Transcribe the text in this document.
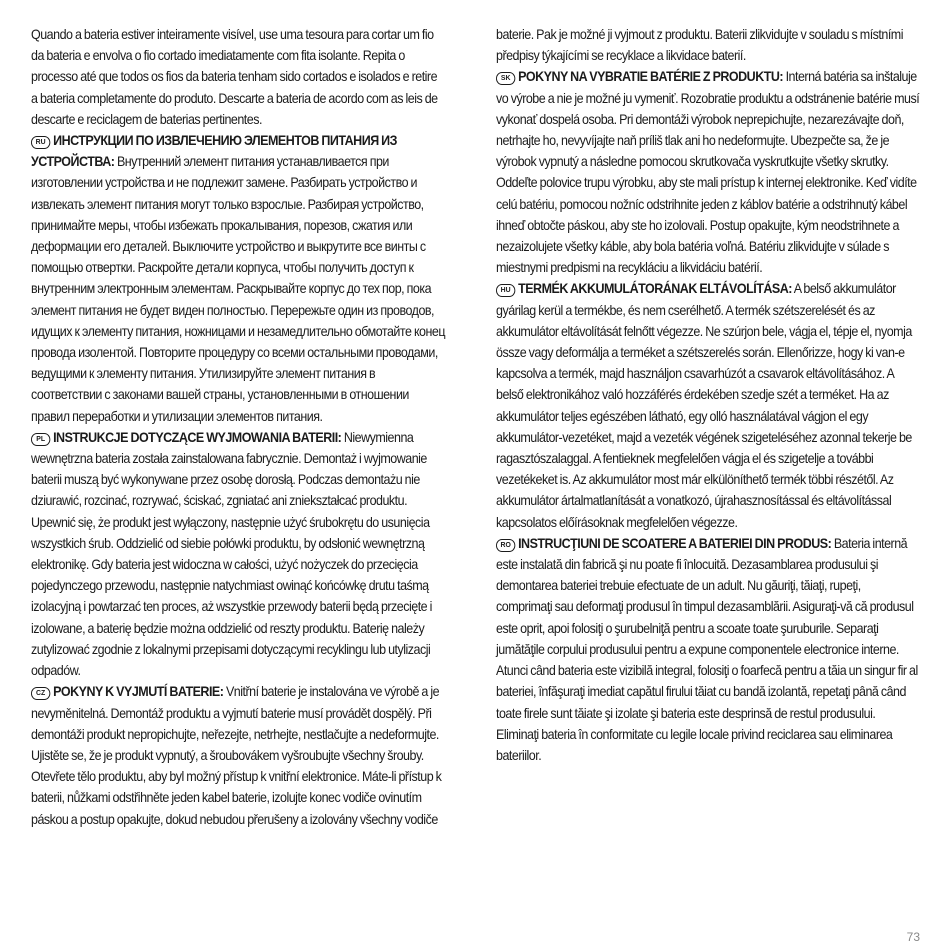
Quando a bateria estiver inteiramente visível, use uma tesoura para cortar um fio da bateria e envolva o fio cortado imediatamente com fita isolante. Repita o processo até que todos os fios da bateria tenham sido cortados e isolados e retire a bateria completamente do produto. Descarte a bateria de acordo com as leis de descarte e reciclagem de baterias pertinentes.

RU ИНСТРУКЦИИ ПО ИЗВЛЕЧЕНИЮ ЭЛЕМЕНТОВ ПИТАНИЯ ИЗ УСТРОЙСТВА: Внутренний элемент питания устанавливается при изготовлении устройства и не подлежит замене. Разбирать устройство и извлекать элемент питания могут только взрослые. Разбирая устройство, принимайте меры, чтобы избежать прокалывания, порезов, сжатия или деформации его деталей. Выключите устройство и выкрутите все винты с помощью отвертки. Раскройте детали корпуса, чтобы получить доступ к внутренним электронным элементам. Раскрывайте корпус до тех пор, пока элемент питания не будет виден полностью. Перережьте один из проводов, идущих к элементу питания, ножницами и незамедлительно обмотайте конец провода изолентой. Повторите процедуру со всеми остальными проводами, ведущими к элементу питания. Утилизируйте элемент питания в соответствии с законами вашей страны, установленными в отношении правил переработки и утилизации элементов питания.

PL INSTRUKCJE DOTYCZĄCE WYJMOWANIA BATERII: Niewymienna wewnętrzna bateria została zainstalowana fabrycznie. Demontaż i wyjmowanie baterii muszą być wykonywane przez osobę dorosłą. Podczas demontażu nie dziurawić, rozcinać, rozrywać, ściskać, zgniatać ani zniekształcać produktu. Upewnić się, że produkt jest wyłączony, następnie użyć śrubokrętu do usunięcia wszystkich śrub. Oddzielić od siebie połówki produktu, by odsłonić wewnętrzną elektronikę. Gdy bateria jest widoczna w całości, użyć nożyczek do przecięcia pojedynczego przewodu, następnie natychmiast owinąć końcówkę drutu taśmą izolacyjną i powtarzać ten proces, aż wszystkie przewody baterii będą przecięte i izolowane, a baterię będzie można oddzielić od reszty produktu. Baterię należy zutylizować zgodnie z lokalnymi przepisami dotyczącymi recyklingu lub utylizacji odpadów.

CZ POKYNY K VYJMUTÍ BATERIE: Vnitřní baterie je instalována ve výrobě a je nevyměnitelná. Demontáž produktu a vyjmutí baterie musí provádět dospělý. Při demontáži produkt nepropichujte, neřezejte, netrhejte, nestlačujte a nedeformujte. Ujistěte se, že je produkt vypnutý, a šroubovákem vyšroubujte všechny šrouby. Otevřete tělo produktu, aby byl možný přístup k vnitřní elektronice. Máte-li přístup k baterii, nůžkami odstřihněte jeden kabel baterie, izolujte konec vodiče ovinutím páskou a postup opakujte, dokud nebudou přerušeny a izolovány všechny vodiče

baterie. Pak je možné ji vyjmout z produktu. Baterii zlikvidujte v souladu s místními předpisy týkajícími se recyklace a likvidace baterií.

SK POKYNY NA VYBRATIE BATÉRIE Z PRODUKTU: Interná batéria sa inštaluje vo výrobe a nie je možné ju vymeniť. Rozobratie produktu a odstránenie batérie musí vykonať dospelá osoba. Pri demontáži výrobok neprepichujte, nezarezávajte doň, netrhajte ho, nevyvíjajte naň príliš tlak ani ho nedeformujte. Ubezpečte sa, že je výrobok vypnutý a následne pomocou skrutkovača vyskrutkujte všetky skrutky. Oddeľte polovice trupu výrobku, aby ste mali prístup k internej elektronike. Keď vidíte celú batériu, pomocou nožníc odstrihnite jeden z káblov batérie a odstrihnutý kábel ihneď obtočte páskou, aby ste ho izolovali. Postup opakujte, kým neodstrihnete a nezaizolujete všetky káble, aby bola batéria voľná. Batériu zlikvidujte v súlade s miestnymi predpismi na recykláciu a likvidáciu batérií.

HU TERMÉK AKKUMULÁTORÁNAK ELTÁVOLÍTÁSA: A belső akkumulátor gyárilag kerül a termékbe, és nem cserélhető. A termék szétszerelését és az akkumulátor eltávolítását felnőtt végezze. Ne szúrjon bele, vágja el, tépje el, nyomja össze vagy deformálja a terméket a szétszerelés során. Ellenőrizze, hogy ki van-e kapcsolva a termék, majd használjon csavarhúzót a csavarok eltávolításához. A belső elektronikához való hozzáférés érdekében szedje szét a terméket. Ha az akkumulátor teljes egészében látható, egy olló használatával vágjon el egy akkumulátor-vezetéket, majd a vezeték végének szigeteléséhez azonnal tekerje be ragasztószalaggal. A fentieknek megfelelően vágja el és szigetelje a további vezetékeket is. Az akkumulátor most már elkülöníthető termék többi részétől. Az akkumulátor ártalmatlanítását a vonatkozó, újrahasznosítással és eltávolítással kapcsolatos előírásoknak megfelelően végezze.

RO INSTRUCŢIUNI DE SCOATERE A BATERIEI DIN PRODUS: Bateria internă este instalată din fabrică şi nu poate fi înlocuită. Dezasamblarea produsului şi demontarea bateriei trebuie efectuate de un adult. Nu găuriţi, tăiaţi, rupeţi, comprimaţi sau deformaţi produsul în timpul dezasamblării. Asiguraţi-vă că produsul este oprit, apoi folosiţi o şurubelniţă pentru a scoate toate şuruburile. Separaţi jumătăţile corpului produsului pentru a expune componentele electronice interne. Atunci când bateria este vizibilă integral, folosiţi o foarfecă pentru a tăia un singur fir al bateriei, înfăşuraţi imediat capătul firului tăiat cu bandă izolantă, repetaţi până când toate firele sunt tăiate şi izolate şi bateria este desprinsă de restul produsului. Eliminaţi bateria în conformitate cu legile locale privind reciclarea sau eliminarea bateriilor.

73
